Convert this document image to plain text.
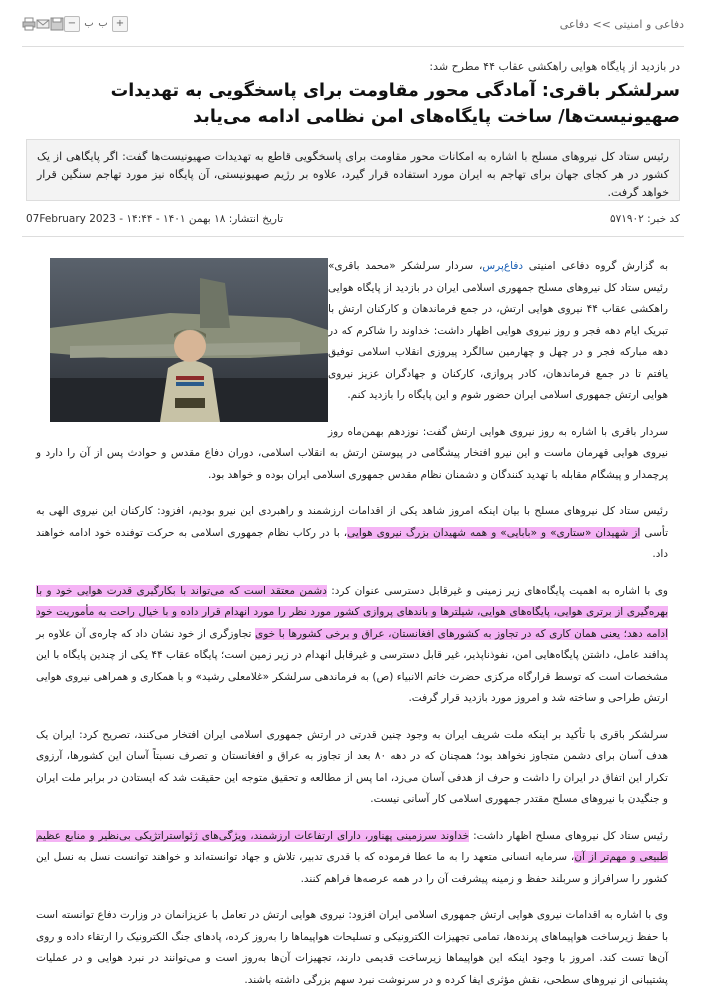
دفاعی و امنیتی >> دفاعی
− ب ب +
در بازدید از پایگاه هوایی راهکشی عقاب ۴۴ مطرح شد:
سرلشکر باقری: آمادگی محور مقاومت برای پاسخگویی به تهدیدات صهیونیست‌ها/ ساخت پایگاه‌های امن نظامی ادامه می‌یابد
رئیس ستاد کل نیروهای مسلح با اشاره به امکانات محور مقاومت برای پاسخگویی قاطع به تهدیدات صهیونیست‌ها گفت: اگر پایگاهی از یک کشور در هر کجای جهان برای تهاجم به ایران مورد استفاده قرار گیرد، علاوه بر رژیم صهیونیستی، آن پایگاه نیز مورد تهاجم سنگین قرار خواهد گرفت.
کد خبر: ۵۷۱۹۰۲
تاریخ انتشار: ۱۸ بهمن ۱۴۰۱ - ۱۴:۴۴ - 07February 2023

به گزارش گروه دفاعی امنیتی دفاع‌پرس، سردار سرلشکر «محمد باقری» رئیس ستاد کل نیروهای مسلح جمهوری اسلامی ایران در بازدید از پایگاه هوایی راهکشی عقاب ۴۴ نیروی هوایی ارتش، در جمع فرماندهان و کارکنان ارتش با تبریک ایام دهه فجر و روز نیروی هوایی اظهار داشت: خداوند را شاکرم که در دهه مبارکه فجر و در چهل و چهارمین سالگرد پیروزی انقلاب اسلامی توفیق یافتم تا در جمع فرماندهان، کادر پروازی، کارکنان و جهادگران عزیز نیروی هوایی ارتش جمهوری اسلامی ایران حضور شوم و این پایگاه را بازدید کنم.

سردار باقری با اشاره به روز نیروی هوایی ارتش گفت: نوزدهم بهمن‌ماه روز نیروی هوایی قهرمان ماست و این نیرو افتخار پیشگامی در پیوستن ارتش به انقلاب اسلامی، دوران دفاع مقدس و حوادث پس از آن را دارد و پرچمدار و پیشگام مقابله با تهدید کنندگان و دشمنان نظام مقدس جمهوری اسلامی ایران بوده و خواهد بود.

رئیس ستاد کل نیروهای مسلح با بیان اینکه امروز شاهد یکی از اقدامات ارزشمند و راهبردی این نیرو بودیم، افزود: کارکنان این نیروی الهی به تأسی از شهیدان «ستاری» و «بابایی» و همه شهیدان بزرگ نیروی هوایی، با در رکاب نظام جمهوری اسلامی به حرکت توفنده خود ادامه خواهند داد.

وی با اشاره به اهمیت پایگاه‌های زیر زمینی و غیرقابل دسترسی عنوان کرد: دشمن معتقد است که می‌تواند با بکارگیری قدرت هوایی خود و با بهره‌گیری از برتری هوایی، پایگاه‌های هوایی، شیلترها و باندهای پروازی کشور مورد نظر را مورد انهدام قرار داده و با خیال راحت به مأموریت خود ادامه دهد؛ یعنی همان کاری که در تجاوز به کشورهای افغانستان، عراق و برخی کشورها با خوی تجاوزگری از خود نشان داد که چاره‌ی آن علاوه بر پدافند عامل، داشتن پایگاه‌هایی امن، نفوذناپذیر، غیر قابل دسترسی و غیرقابل انهدام در زیر زمین است؛ پایگاه عقاب ۴۴ یکی از چندین پایگاه با این مشخصات است که توسط قرارگاه مرکزی حضرت خاتم الانبیاء (ص) به فرماندهی سرلشکر «غلامعلی رشید» و با همکاری و همراهی نیروی هوایی ارتش طراحی و ساخته شد و امروز مورد بازدید قرار گرفت.

سرلشکر باقری با تأکید بر اینکه ملت شریف ایران به وجود چنین قدرتی در ارتش جمهوری اسلامی ایران افتخار می‌کنند، تصریح کرد: ایران یک هدف آسان برای دشمن متجاوز نخواهد بود؛ همچنان که در دهه ۸۰ بعد از تجاوز به عراق و افغانستان و تصرف نسبتاً آسان این کشورها، آرزوی تکرار این اتفاق در ایران را داشت و حرف از هدفی آسان می‌زد، اما پس از مطالعه و تحقیق متوجه این حقیقت شد که ایستادن در برابر ملت ایران و جنگیدن با نیروهای مسلح مقتدر جمهوری اسلامی کار آسانی نیست.

رئیس ستاد کل نیروهای مسلح اظهار داشت: خداوند سرزمینی پهناور، دارای ارتفاعات ارزشمند، ویژگی‌های ژئواستراتژیکی بی‌نظیر و منابع عظیم طبیعی و مهم‌تر از آن، سرمایه انسانی متعهد را به ما عطا فرموده که با قدری تدبیر، تلاش و جهاد توانسته‌اند و خواهند توانست نسل به نسل این کشور را سرافراز و سربلند حفظ و زمینه پیشرفت آن را در همه عرصه‌ها فراهم کنند.

وی با اشاره به اقدامات نیروی هوایی ارتش جمهوری اسلامی ایران افزود: نیروی هوایی ارتش در تعامل با عزیزانمان در وزارت دفاع توانسته است با حفظ زیرساخت هواپیماهای پرنده‌ها، تمامی تجهیزات الکترونیکی و تسلیحات هواپیماها را به‌روز کرده، پادهای جنگ الکترونیک را ارتقاء داده و روی آن‌ها تست کند. امروز با وجود اینکه این هواپیماها زیرساخت قدیمی دارند، تجهیزات آن‌ها به‌روز است و می‌توانند در نبرد هوایی و در عملیات پشتیبانی از نیروهای سطحی، نقش مؤثری ایفا کرده و در سرنوشت نبرد سهم بزرگی داشته باشند.
